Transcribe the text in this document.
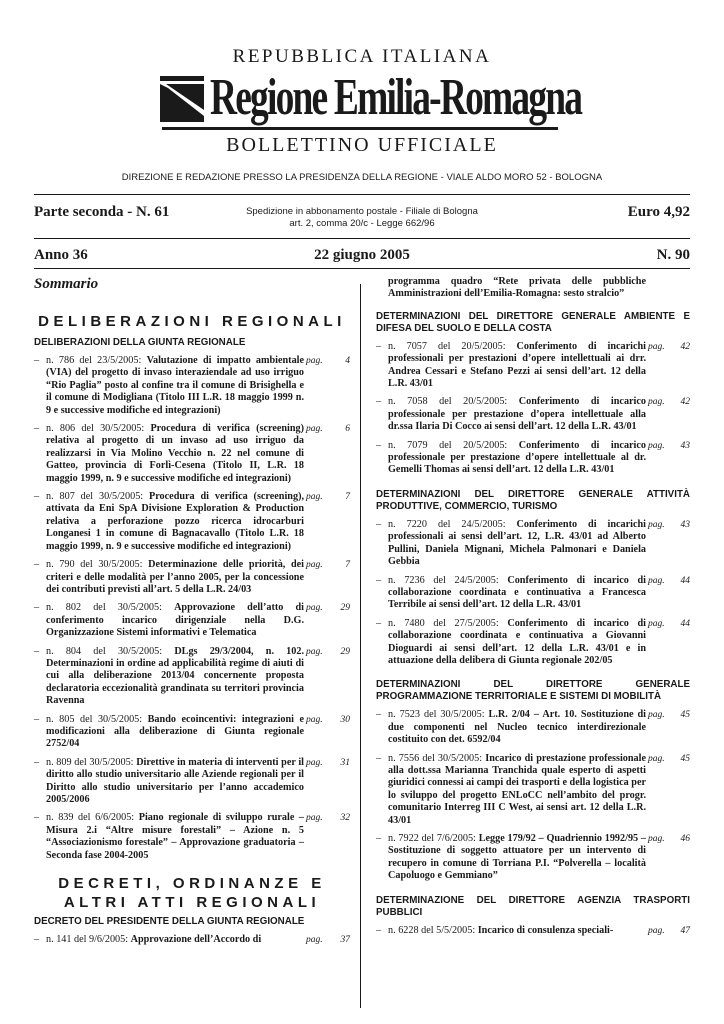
REPUBBLICA ITALIANA
Regione Emilia-Romagna
BOLLETTINO UFFICIALE
DIREZIONE E REDAZIONE PRESSO LA PRESIDENZA DELLA REGIONE - VIALE ALDO MORO 52 - BOLOGNA
Parte seconda - N. 61	Spedizione in abbonamento postale - Filiale di Bologna
art. 2, comma 20/c - Legge 662/96
Euro 4,92
Anno 36	22 giugno 2005	N. 90
Sommario
DELIBERAZIONI REGIONALI
DELIBERAZIONI DELLA GIUNTA REGIONALE
– n. 786 del 23/5/2005: Valutazione di impatto ambientale (VIA) del progetto di invaso interaziendale ad uso irriguo “Rio Paglia” posto al confine tra il comune di Brisighella e il comune di Modigliana (Titolo III L.R. 18 maggio 1999 n. 9 e successive modifiche ed integrazioni)
pag. 4
– n. 806 del 30/5/2005: Procedura di verifica (screening) relativa al progetto di un invaso ad uso irriguo da realizzarsi in Via Molino Vecchio n. 22 nel comune di Gatteo, provincia di Forlì-Cesena (Titolo II, L.R. 18 maggio 1999, n. 9 e successive modifiche ed integrazioni)
pag. 6
– n. 807 del 30/5/2005: Procedura di verifica (screening), attivata da Eni SpA Divisione Exploration & Production relativa a perforazione pozzo ricerca idrocarburi Longanesi 1 in comune di Bagnacavallo (Titolo L.R. 18 maggio 1999, n. 9 e successive modifiche ed integrazioni)
pag. 7
– n. 790 del 30/5/2005: Determinazione delle priorità, dei criteri e delle modalità per l’anno 2005, per la concessione dei contributi previsti all’art. 5 della L.R. 24/03
pag. 7
– n. 802 del 30/5/2005: Approvazione dell’atto di conferimento incarico dirigenziale nella D.G. Organizzazione Sistemi informativi e Telematica
pag. 29
– n. 804 del 30/5/2005: DLgs 29/3/2004, n. 102. Determinazioni in ordine ad applicabilità regime di aiuti di cui alla deliberazione 2013/04 concernente proposta declaratoria eccezionalità grandinata su territori provincia Ravenna
pag. 29
– n. 805 del 30/5/2005: Bando ecoincentivi: integrazioni e modificazioni alla deliberazione di Giunta regionale 2752/04
pag. 30
– n. 809 del 30/5/2005: Direttive in materia di interventi per il diritto allo studio universitario alle Aziende regionali per il Diritto allo studio universitario per l’anno accademico 2005/2006
pag. 31
– n. 839 del 6/6/2005: Piano regionale di sviluppo rurale – Misura 2.i “Altre misure forestali” – Azione n. 5 “Associazionismo forestale” – Approvazione graduatoria – Seconda fase 2004-2005
pag. 32
DECRETI, ORDINANZE E
ALTRI ATTI REGIONALI
DECRETO DEL PRESIDENTE DELLA GIUNTA REGIONALE
– n. 141 del 9/6/2005: Approvazione dell’Accordo di	pag. 37
programma quadro “Rete privata delle pubbliche Amministrazioni dell’Emilia-Romagna: sesto stralcio”
DETERMINAZIONI DEL DIRETTORE GENERALE AMBIENTE E DIFESA DEL SUOLO E DELLA COSTA
– n. 7057 del 20/5/2005: Conferimento di incarichi professionali per prestazioni d’opere intellettuali ai drr. Andrea Cessari e Stefano Pezzi ai sensi dell’art. 12 della L.R. 43/01
pag. 42
– n. 7058 del 20/5/2005: Conferimento di incarico professionale per prestazione d’opera intellettuale alla dr.ssa Ilaria Di Cocco ai sensi dell’art. 12 della L.R. 43/01
pag. 42
– n. 7079 del 20/5/2005: Conferimento di incarico professionale per prestazione d’opere intellettuale al dr. Gemelli Thomas ai sensi dell’art. 12 della L.R. 43/01
pag. 43
DETERMINAZIONI DEL DIRETTORE GENERALE ATTIVITÀ PRODUTTIVE, COMMERCIO, TURISMO
– n. 7220 del 24/5/2005: Conferimento di incarichi professionali ai sensi dell’art. 12, L.R. 43/01 ad Alberto Pullini, Daniela Mignani, Michela Palmonari e Daniela Gebbia
pag. 43
– n. 7236 del 24/5/2005: Conferimento di incarico di collaborazione coordinata e continuativa a Francesca Terribile ai sensi dell’art. 12 della L.R. 43/01
pag. 44
– n. 7480 del 27/5/2005: Conferimento di incarico di collaborazione coordinata e continuativa a Giovanni Dioguardi ai sensi dell’art. 12 della L.R. 43/01 e in attuazione della delibera di Giunta regionale 202/05
pag. 44
DETERMINAZIONI DEL DIRETTORE GENERALE PROGRAMMAZIONE TERRITORIALE E SISTEMI DI MOBILITÀ
– n. 7523 del 30/5/2005: L.R. 2/04 – Art. 10. Sostituzione di due componenti nel Nucleo tecnico interdirezionale costituito con det. 6592/04
pag. 45
– n. 7556 del 30/5/2005: Incarico di prestazione professionale alla dott.ssa Marianna Tranchida quale esperto di aspetti giuridici connessi ai campi dei trasporti e della logistica per lo sviluppo del progetto ENLoCC nell’ambito del progr. comunitario Interreg III C West, ai sensi art. 12 della L.R. 43/01
pag. 45
– n. 7922 del 7/6/2005: Legge 179/92 – Quadriennio 1992/95 – Sostituzione di soggetto attuatore per un intervento di recupero in comune di Torriana P.I. “Polverella – località Capoluogo e Gemmiano”
pag. 46
DETERMINAZIONE DEL DIRETTORE AGENZIA TRASPORTI PUBBLICI
– n. 6228 del 5/5/2005: Incarico di consulenza speciali-	pag. 47
